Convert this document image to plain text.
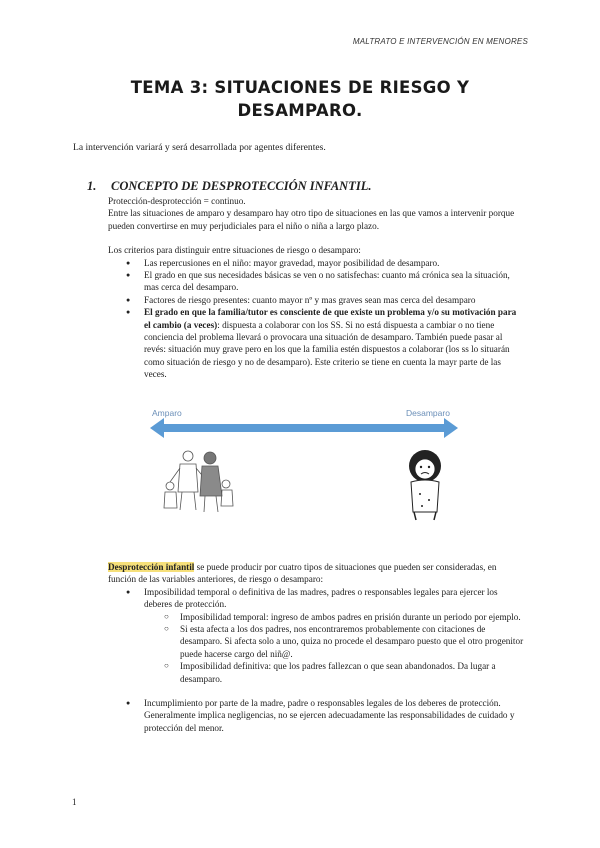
MALTRATO E INTERVENCIÓN EN MENORES
TEMA 3: SITUACIONES DE RIESGO Y
DESAMPARO.
La intervención variará y será desarrollada por agentes diferentes.
1. CONCEPTO DE DESPROTECCIÓN INFANTIL.

Protección-desprotección = continuo.

Entre las situaciones de amparo y desamparo hay otro tipo de situaciones en las que vamos a intervenir porque pueden convertirse en muy perjudiciales para el niño o niña a largo plazo.

Los criterios para distinguir entre situaciones de riesgo o desamparo:

● Las repercusiones en el niño: mayor gravedad, mayor posibilidad de desamparo.
● El grado en que sus necesidades básicas se ven o no satisfechas: cuanto má crónica sea la situación, mas cerca del desamparo.
● Factores de riesgo presentes: cuanto mayor nº y mas graves sean mas cerca del desamparo
● El grado en que la familia/tutor es consciente de que existe un problema y/o su motivación para el cambio (a veces): dispuesta a colaborar con los SS. Si no está dispuesta a cambiar o no tiene conciencia del problema llevará o provocara una situación de desamparo. También puede pasar al revés: situación muy grave pero en los que la familia estén dispuestos a colaborar (los ss lo situarán como situación de riesgo y no de desamparo). Este criterio se tiene en cuenta la mayr parte de las veces.
Amparo	Desamparo

Desprotección infantil se puede producir por cuatro tipos de situaciones que pueden ser consideradas, en función de las variables anteriores, de riesgo o desamparo:

● Imposibilidad temporal o definitiva de las madres, padres o responsables legales para ejercer los deberes de protección.
○ Imposibilidad temporal: ingreso de ambos padres en prisión durante un periodo por ejemplo.
○ Si esta afecta a los dos padres, nos encontraremos probablemente con citaciones de desamparo. Si afecta solo a uno, quiza no procede el desamparo puesto que el otro progenitor puede hacerse cargo del niñ@.
○ Imposibilidad definitiva: que los padres fallezcan o que sean abandonados. Da lugar a desamparo.
● Incumplimiento por parte de la madre, padre o responsables legales de los deberes de protección. Generalmente implica negligencias, no se ejercen adecuadamente las responsabilidades de cuidado y protección del menor.
1
